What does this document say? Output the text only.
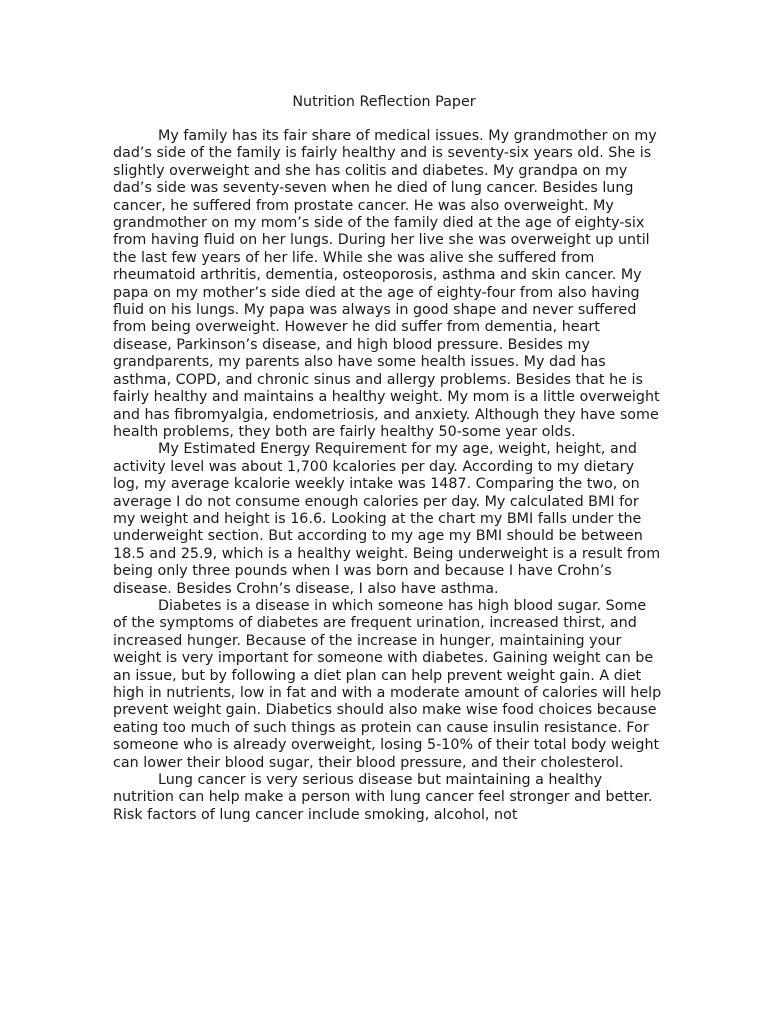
Nutrition Reflection Paper

My family has its fair share of medical issues. My grandmother on my dad’s side of the family is fairly healthy and is seventy-six years old. She is slightly overweight and she has colitis and diabetes. My grandpa on my dad’s side was seventy-seven when he died of lung cancer. Besides lung cancer, he suffered from prostate cancer. He was also overweight. My grandmother on my mom’s side of the family died at the age of eighty-six from having fluid on her lungs. During her live she was overweight up until the last few years of her life. While she was alive she suffered from rheumatoid arthritis, dementia, osteoporosis, asthma and skin cancer. My papa on my mother’s side died at the age of eighty-four from also having fluid on his lungs. My papa was always in good shape and never suffered from being overweight. However he did suffer from dementia, heart disease, Parkinson’s disease, and high blood pressure. Besides my grandparents, my parents also have some health issues. My dad has asthma, COPD, and chronic sinus and allergy problems. Besides that he is fairly healthy and maintains a healthy weight. My mom is a little overweight and has fibromyalgia, endometriosis, and anxiety. Although they have some health problems, they both are fairly healthy 50-some year olds.

My Estimated Energy Requirement for my age, weight, height, and activity level was about 1,700 kcalories per day. According to my dietary log, my average kcalorie weekly intake was 1487. Comparing the two, on average I do not consume enough calories per day. My calculated BMI for my weight and height is 16.6. Looking at the chart my BMI falls under the underweight section. But according to my age my BMI should be between 18.5 and 25.9, which is a healthy weight. Being underweight is a result from being only three pounds when I was born and because I have Crohn’s disease. Besides Crohn’s disease, I also have asthma.

Diabetes is a disease in which someone has high blood sugar. Some of the symptoms of diabetes are frequent urination, increased thirst, and increased hunger. Because of the increase in hunger, maintaining your weight is very important for someone with diabetes. Gaining weight can be an issue, but by following a diet plan can help prevent weight gain. A diet high in nutrients, low in fat and with a moderate amount of calories will help prevent weight gain. Diabetics should also make wise food choices because eating too much of such things as protein can cause insulin resistance. For someone who is already overweight, losing 5-10% of their total body weight can lower their blood sugar, their blood pressure, and their cholesterol.

Lung cancer is very serious disease but maintaining a healthy nutrition can help make a person with lung cancer feel stronger and better. Risk factors of lung cancer include smoking, alcohol, not
